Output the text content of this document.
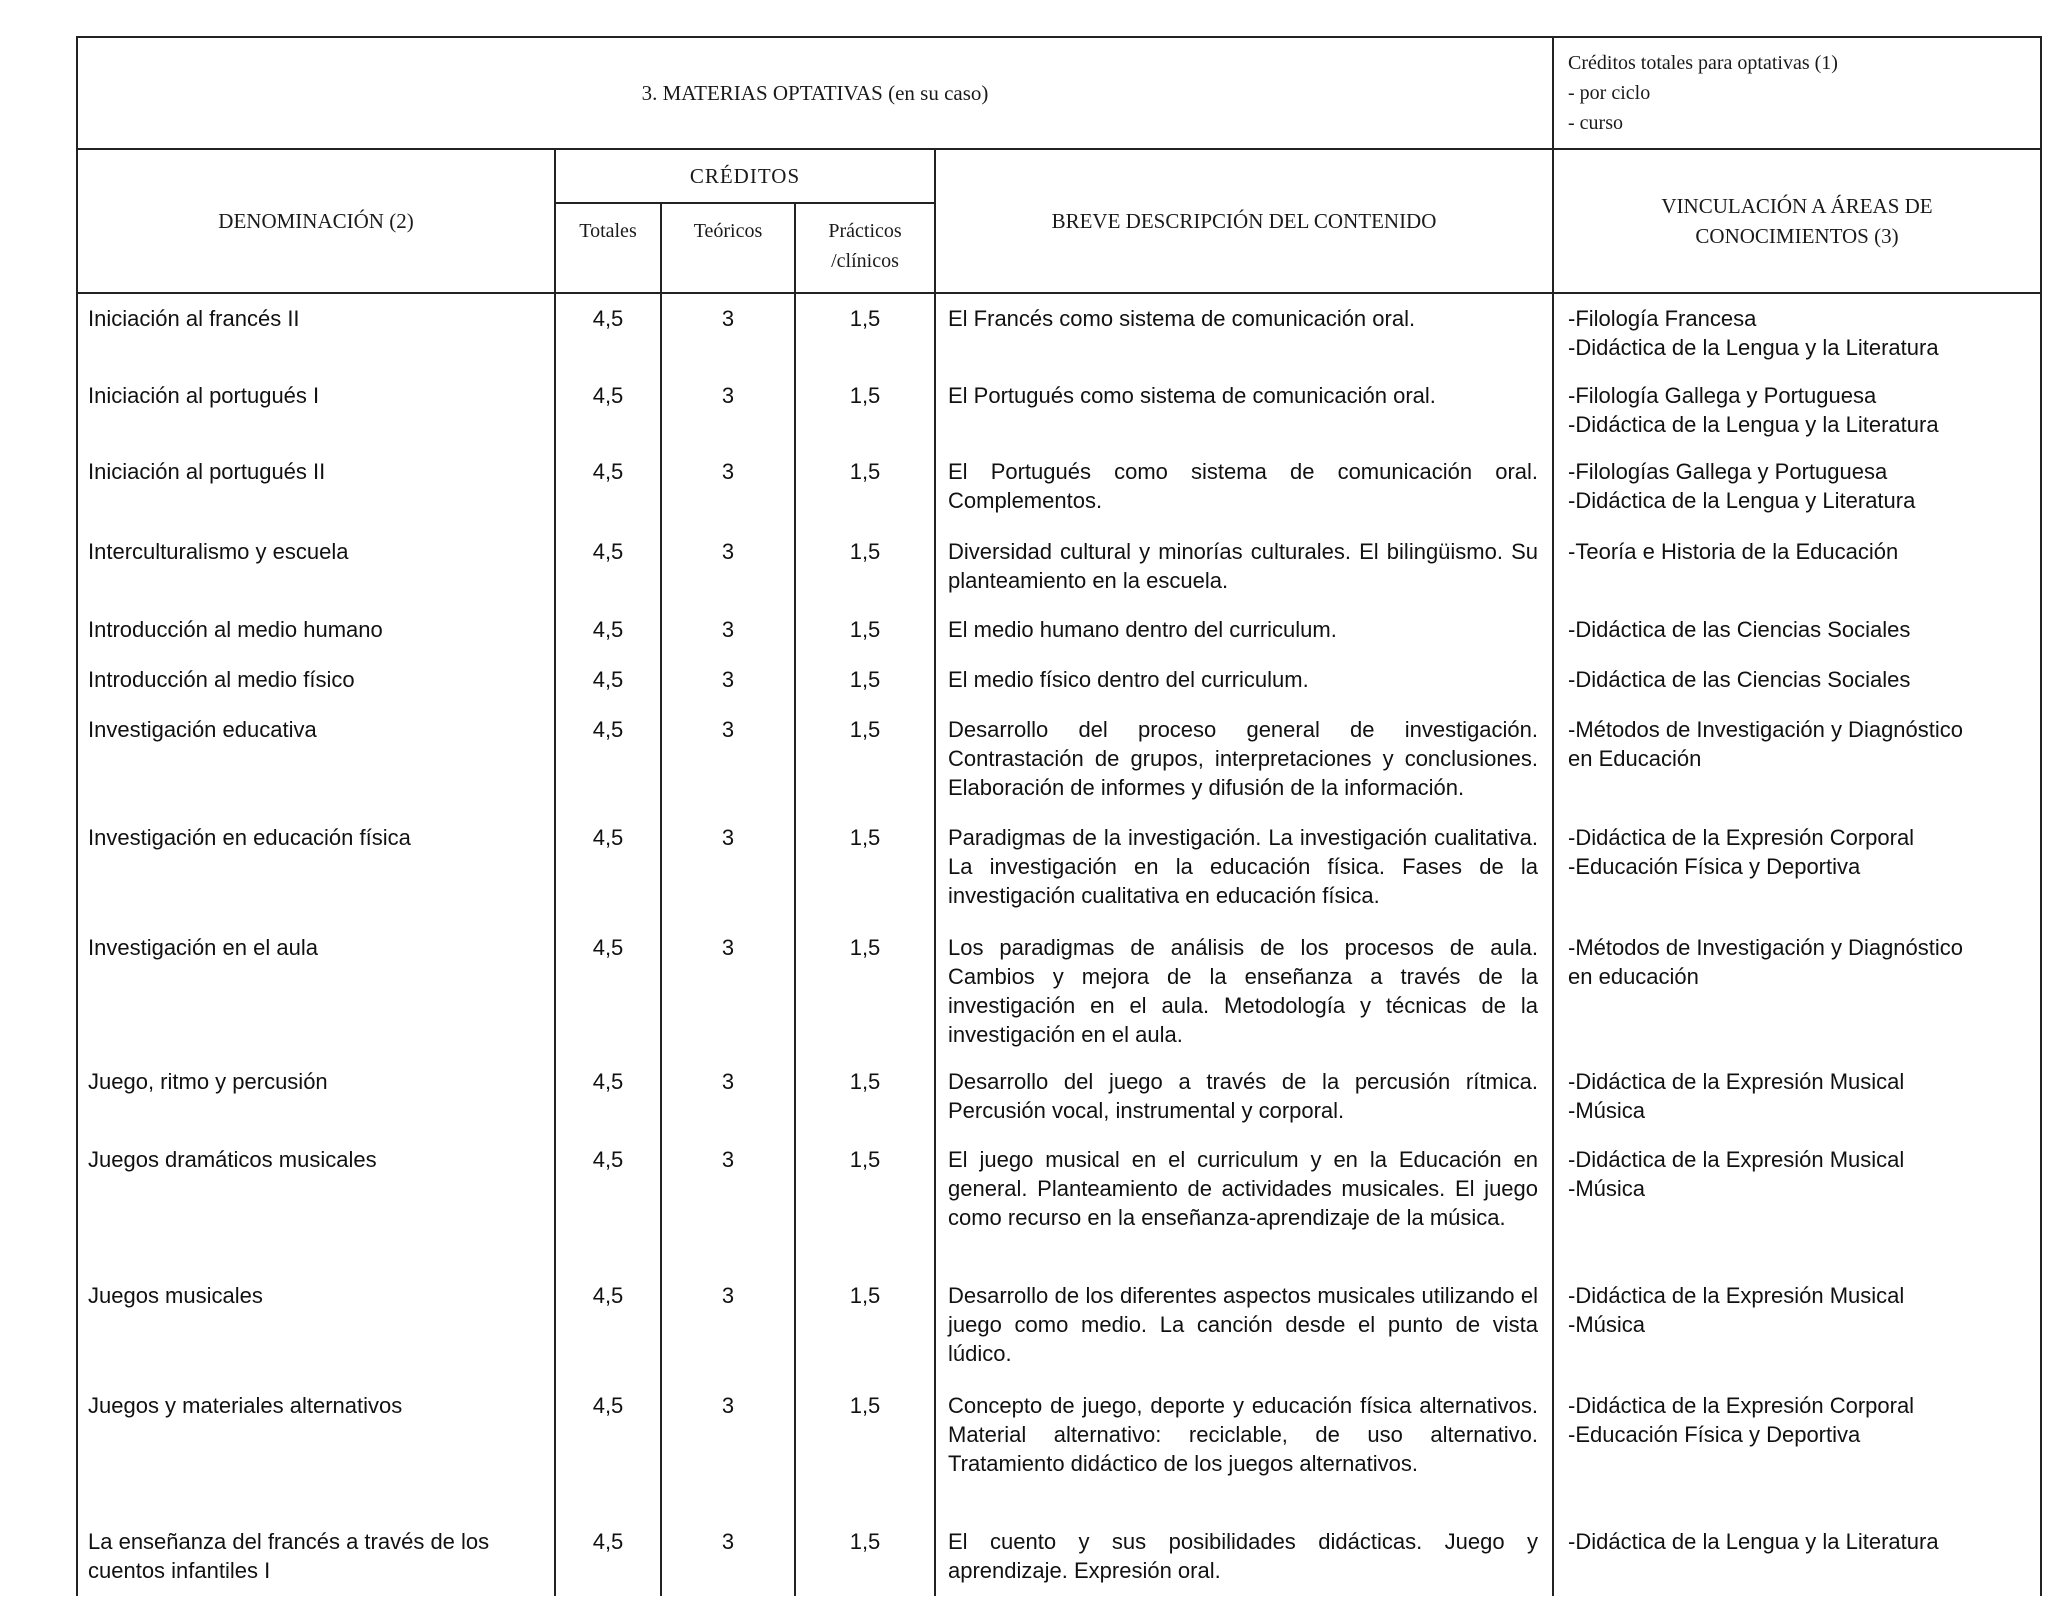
3. MATERIAS OPTATIVAS (en su caso)					Créditos totales para optativas (1)
- por ciclo
- curso

DENOMINACIÓN (2)	CRÉDITOS			BREVE DESCRIPCIÓN DEL CONTENIDO	VINCULACIÓN A ÁREAS DE
CONOCIMIENTOS (3)

	Totales	Teóricos	Prácticos
/clínicos		

Iniciación al francés II	4,5	3	1,5	El Francés como sistema de comunicación oral.	-Filología Francesa
-Didáctica de la Lengua y la Literatura

Iniciación al portugués I	4,5	3	1,5	El Portugués como sistema de comunicación oral.	-Filología Gallega y Portuguesa
-Didáctica de la Lengua y la Literatura

Iniciación al portugués II	4,5	3	1,5	El Portugués como sistema de comunicación oral. Complementos.	-Filologías Gallega y Portuguesa
-Didáctica de la Lengua y Literatura

Interculturalismo y escuela	4,5	3	1,5	Diversidad cultural y minorías culturales. El bilingüismo. Su planteamiento en la escuela.	-Teoría e Historia de la Educación

Introducción al medio humano	4,5	3	1,5	El medio humano dentro del curriculum.	-Didáctica de las Ciencias Sociales

Introducción al medio físico	4,5	3	1,5	El medio físico dentro del curriculum.	-Didáctica de las Ciencias Sociales

Investigación educativa	4,5	3	1,5	Desarrollo del proceso general de investigación. Contrastación de grupos, interpretaciones y conclusiones. Elaboración de informes y difusión de la información.	-Métodos de Investigación y Diagnóstico
en Educación

Investigación en educación física	4,5	3	1,5	Paradigmas de la investigación. La investigación cualitativa. La investigación en la educación física. Fases de la investigación cualitativa en educación física.	-Didáctica de la Expresión Corporal
-Educación Física y Deportiva

Investigación en el aula	4,5	3	1,5	Los paradigmas de análisis de los procesos de aula. Cambios y mejora de la enseñanza a través de la investigación en el aula. Metodología y técnicas de la investigación en el aula.	-Métodos de Investigación y Diagnóstico
en educación

Juego, ritmo y percusión	4,5	3	1,5	Desarrollo del juego a través de la percusión rítmica. Percusión vocal, instrumental y corporal.	-Didáctica de la Expresión Musical
-Música

Juegos dramáticos musicales	4,5	3	1,5	El juego musical en el curriculum y en la Educación en general. Planteamiento de actividades musicales. El juego como recurso en la enseñanza-aprendizaje de la música.	-Didáctica de la Expresión Musical
-Música

Juegos musicales	4,5	3	1,5	Desarrollo de los diferentes aspectos musicales utilizando el juego como medio. La canción desde el punto de vista lúdico.	-Didáctica de la Expresión Musical
-Música

Juegos y materiales alternativos	4,5	3	1,5	Concepto de juego, deporte y educación física alternativos. Material alternativo: reciclable, de uso alternativo. Tratamiento didáctico de los juegos alternativos.	-Didáctica de la Expresión Corporal
-Educación Física y Deportiva

La enseñanza del francés a través de los cuentos infantiles I	4,5	3	1,5	El cuento y sus posibilidades didácticas. Juego y aprendizaje. Expresión oral.	-Didáctica de la Lengua y la Literatura
